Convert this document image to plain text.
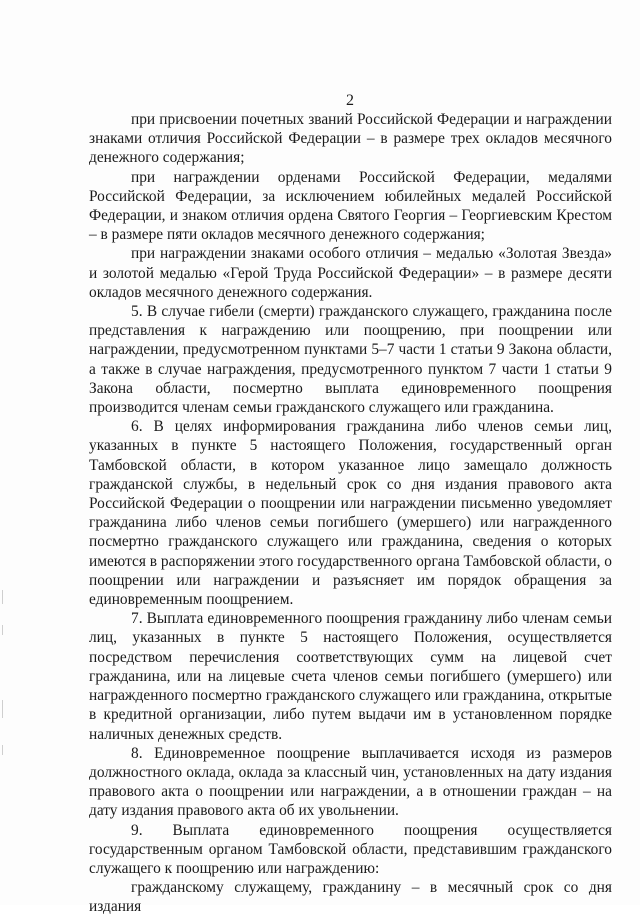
2

при присвоении почетных званий Российской Федерации и награждении знаками отличия Российской Федерации – в размере трех окладов месячного денежного содержания;

при награждении орденами Российской Федерации, медалями Российской Федерации, за исключением юбилейных медалей Российской Федерации, и знаком отличия ордена Святого Георгия – Георгиевским Крестом – в размере пяти окладов месячного денежного содержания;

при награждении знаками особого отличия – медалью «Золотая Звезда» и золотой медалью «Герой Труда Российской Федерации» – в размере десяти окладов месячного денежного содержания.

5. В случае гибели (смерти) гражданского служащего, гражданина после представления к награждению или поощрению, при поощрении или награждении, предусмотренном пунктами 5–7 части 1 статьи 9 Закона области, а также в случае награждения, предусмотренного пунктом 7 части 1 статьи 9 Закона области, посмертно выплата единовременного поощрения производится членам семьи гражданского служащего или гражданина.

6. В целях информирования гражданина либо членов семьи лиц, указанных в пункте 5 настоящего Положения, государственный орган Тамбовской области, в котором указанное лицо замещало должность гражданской службы, в недельный срок со дня издания правового акта Российской Федерации о поощрении или награждении письменно уведомляет гражданина либо членов семьи погибшего (умершего) или награжденного посмертно гражданского служащего или гражданина, сведения о которых имеются в распоряжении этого государственного органа Тамбовской области, о поощрении или награждении и разъясняет им порядок обращения за единовременным поощрением.

7. Выплата единовременного поощрения гражданину либо членам семьи лиц, указанных в пункте 5 настоящего Положения, осуществляется посредством перечисления соответствующих сумм на лицевой счет гражданина, или на лицевые счета членов семьи погибшего (умершего) или награжденного посмертно гражданского служащего или гражданина, открытые в кредитной организации, либо путем выдачи им в установленном порядке наличных денежных средств.

8. Единовременное поощрение выплачивается исходя из размеров должностного оклада, оклада за классный чин, установленных на дату издания правового акта о поощрении или награждении, а в отношении граждан – на дату издания правового акта об их увольнении.

9. Выплата единовременного поощрения осуществляется государственным органом Тамбовской области, представившим гражданского служащего к поощрению или награждению:

гражданскому служащему, гражданину – в месячный срок со дня издания
